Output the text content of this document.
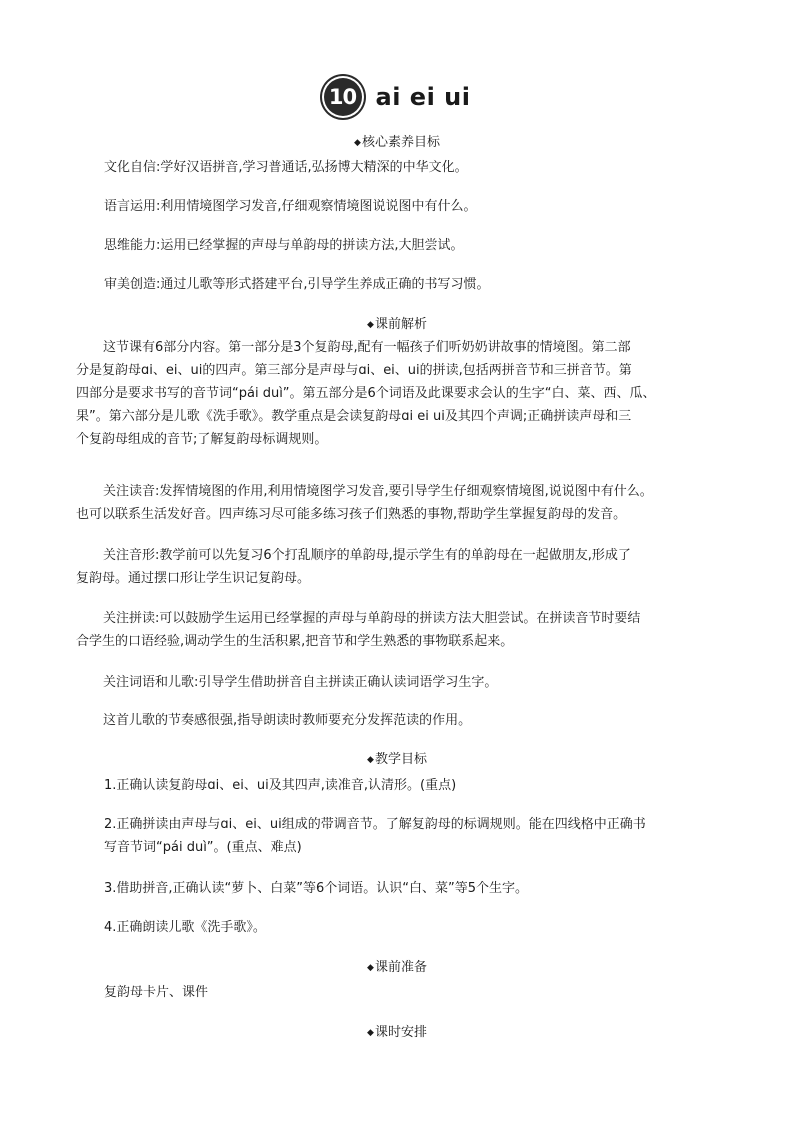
10 ai ei ui
◆核心素养目标

文化自信:学好汉语拼音,学习普通话,弘扬博大精深的中华文化。

语言运用:利用情境图学习发音,仔细观察情境图说说图中有什么。

思维能力:运用已经掌握的声母与单韵母的拼读方法,大胆尝试。

审美创造:通过儿歌等形式搭建平台,引导学生养成正确的书写习惯。

◆课前解析

这节课有6部分内容。第一部分是3个复韵母,配有一幅孩子们听奶奶讲故事的情境图。第二部
分是复韵母ɑi、ei、ui的四声。第三部分是声母与ɑi、ei、ui的拼读,包括两拼音节和三拼音节。第
四部分是要求书写的音节词“pái duì”。第五部分是6个词语及此课要求会认的生字“白、菜、西、瓜、
果”。第六部分是儿歌《洗手歌》。教学重点是会读复韵母ɑi ei ui及其四个声调;正确拼读声母和三
个复韵母组成的音节;了解复韵母标调规则。

关注读音:发挥情境图的作用,利用情境图学习发音,要引导学生仔细观察情境图,说说图中有什么。
也可以联系生活发好音。四声练习尽可能多练习孩子们熟悉的事物,帮助学生掌握复韵母的发音。

关注音形:教学前可以先复习6个打乱顺序的单韵母,提示学生有的单韵母在一起做朋友,形成了
复韵母。通过摆口形让学生识记复韵母。

关注拼读:可以鼓励学生运用已经掌握的声母与单韵母的拼读方法大胆尝试。在拼读音节时要结
合学生的口语经验,调动学生的生活积累,把音节和学生熟悉的事物联系起来。

关注词语和儿歌:引导学生借助拼音自主拼读正确认读词语学习生字。

这首儿歌的节奏感很强,指导朗读时教师要充分发挥范读的作用。

◆教学目标

1.正确认读复韵母ɑi、ei、ui及其四声,读准音,认清形。(重点)

2.正确拼读由声母与ɑi、ei、ui组成的带调音节。了解复韵母的标调规则。能在四线格中正确书
写音节词“pái duì”。(重点、难点)

3.借助拼音,正确认读“萝卜、白菜”等6个词语。认识“白、菜”等5个生字。

4.正确朗读儿歌《洗手歌》。

◆课前准备

复韵母卡片、课件

◆课时安排
